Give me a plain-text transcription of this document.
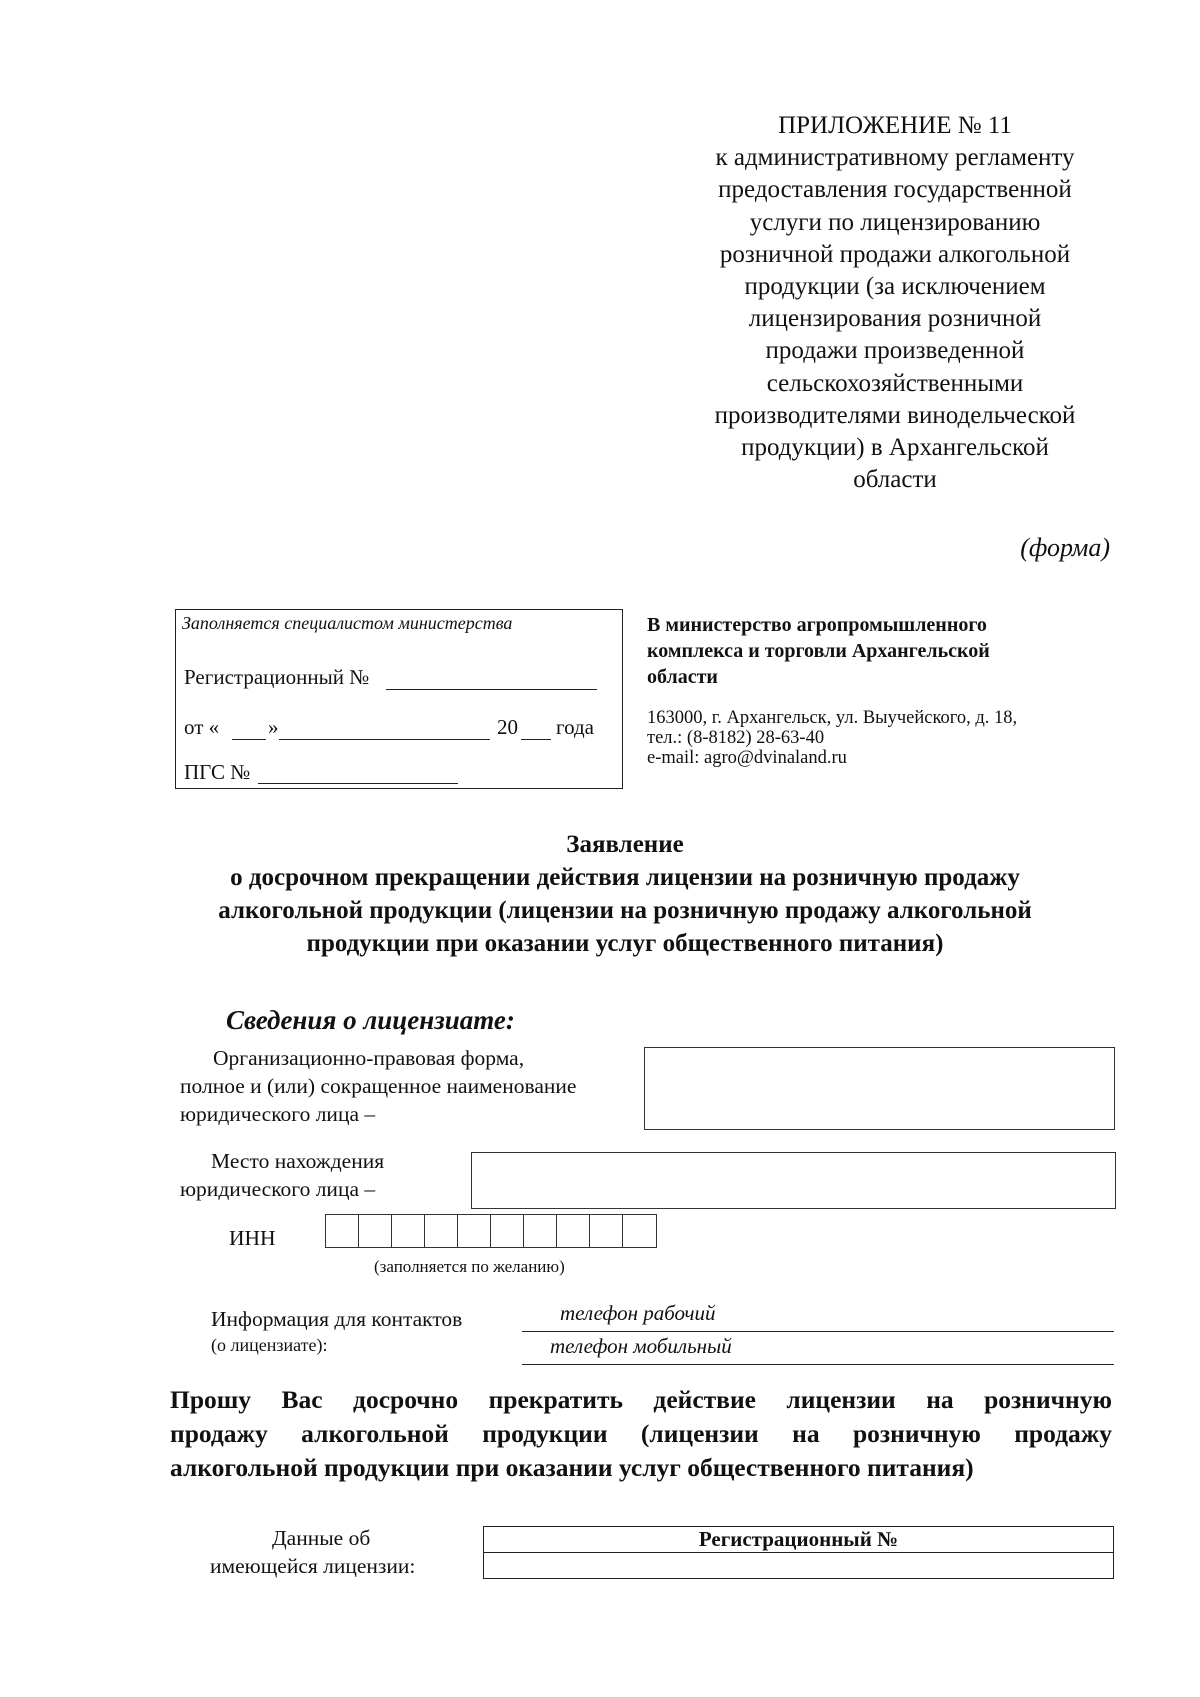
ПРИЛОЖЕНИЕ № 11
к административному регламенту
предоставления государственной
услуги по лицензированию
розничной продажи алкогольной
продукции (за исключением
лицензирования розничной
продажи произведенной
сельскохозяйственными
производителями винодельческой
продукции) в Архангельской
области
(форма)
Заполняется специалистом министерства
Регистрационный №
от « »	20 года
ПГС №
В министерство агропромышленного
комплекса и торговли Архангельской
области
163000, г. Архангельск, ул. Выучейского, д. 18,
тел.: (8-8182) 28-63-40
e-mail: agro@dvinaland.ru
Заявление
о досрочном прекращении действия лицензии на розничную продажу
алкогольной продукции (лицензии на розничную продажу алкогольной
продукции при оказании услуг общественного питания)
Сведения о лицензиате:
Организационно-правовая форма,
полное и (или) сокращенное наименование
юридического лица –
Место нахождения
юридического лица –
ИНН
(заполняется по желанию)
Информация для контактов
(о лицензиате):
телефон рабочий
телефон мобильный
Прошу Вас досрочно прекратить действие лицензии на розничную
продажу алкогольной продукции (лицензии на розничную продажу
алкогольной продукции при оказании услуг общественного питания)
Данные об
имеющейся лицензии:
Регистрационный №
